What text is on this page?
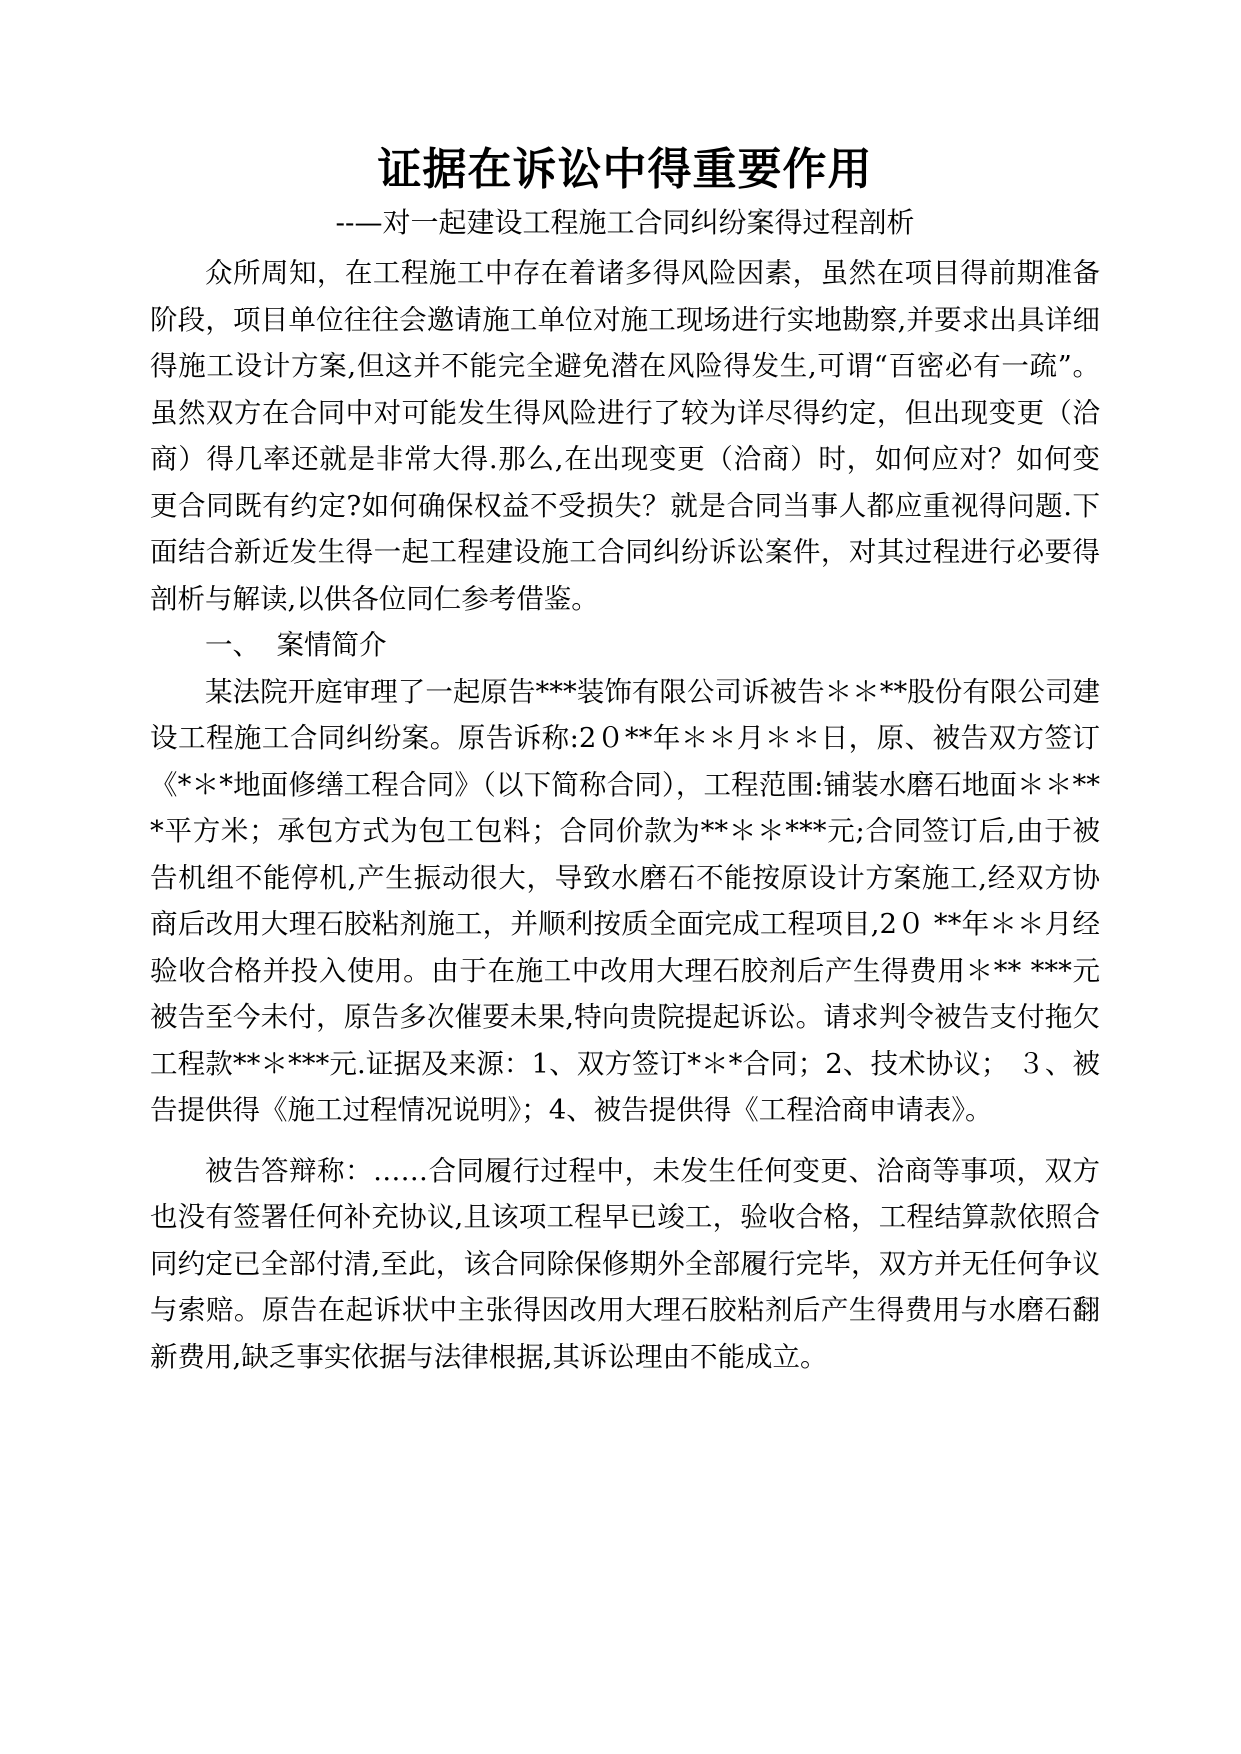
证据在诉讼中得重要作用

--—对一起建设工程施工合同纠纷案得过程剖析

众所周知，在工程施工中存在着诸多得风险因素，虽然在项目得前期准备阶段，项目单位往往会邀请施工单位对施工现场进行实地勘察,并要求出具详细得施工设计方案,但这并不能完全避免潜在风险得发生,可谓“百密必有一疏”。虽然双方在合同中对可能发生得风险进行了较为详尽得约定，但出现变更（洽商）得几率还就是非常大得.那么,在出现变更（洽商）时，如何应对？如何变更合同既有约定?如何确保权益不受损失？就是合同当事人都应重视得问题.下面结合新近发生得一起工程建设施工合同纠纷诉讼案件，对其过程进行必要得剖析与解读,以供各位同仁参考借鉴。

一、 案情简介

某法院开庭审理了一起原告***装饰有限公司诉被告＊＊**股份有限公司建设工程施工合同纠纷案。原告诉称:2０**年＊＊月＊＊日，原、被告双方签订《*＊*地面修缮工程合同》（以下简称合同），工程范围:铺装水磨石地面＊＊***平方米；承包方式为包工包料；合同价款为**＊＊***元;合同签订后,由于被告机组不能停机,产生振动很大，导致水磨石不能按原设计方案施工,经双方协商后改用大理石胶粘剂施工，并顺利按质全面完成工程项目,2０ **年＊＊月经验收合格并投入使用。由于在施工中改用大理石胶剂后产生得费用＊** ***元被告至今未付，原告多次催要未果,特向贵院提起诉讼。请求判令被告支付拖欠工程款**＊***元.证据及来源：1、双方签订*＊*合同；2、技术协议； ３、被告提供得《施工过程情况说明》；4、被告提供得《工程洽商申请表》。

被告答辩称：……合同履行过程中，未发生任何变更、洽商等事项，双方也没有签署任何补充协议,且该项工程早已竣工，验收合格，工程结算款依照合同约定已全部付清,至此，该合同除保修期外全部履行完毕，双方并无任何争议与索赔。原告在起诉状中主张得因改用大理石胶粘剂后产生得费用与水磨石翻新费用,缺乏事实依据与法律根据,其诉讼理由不能成立。
